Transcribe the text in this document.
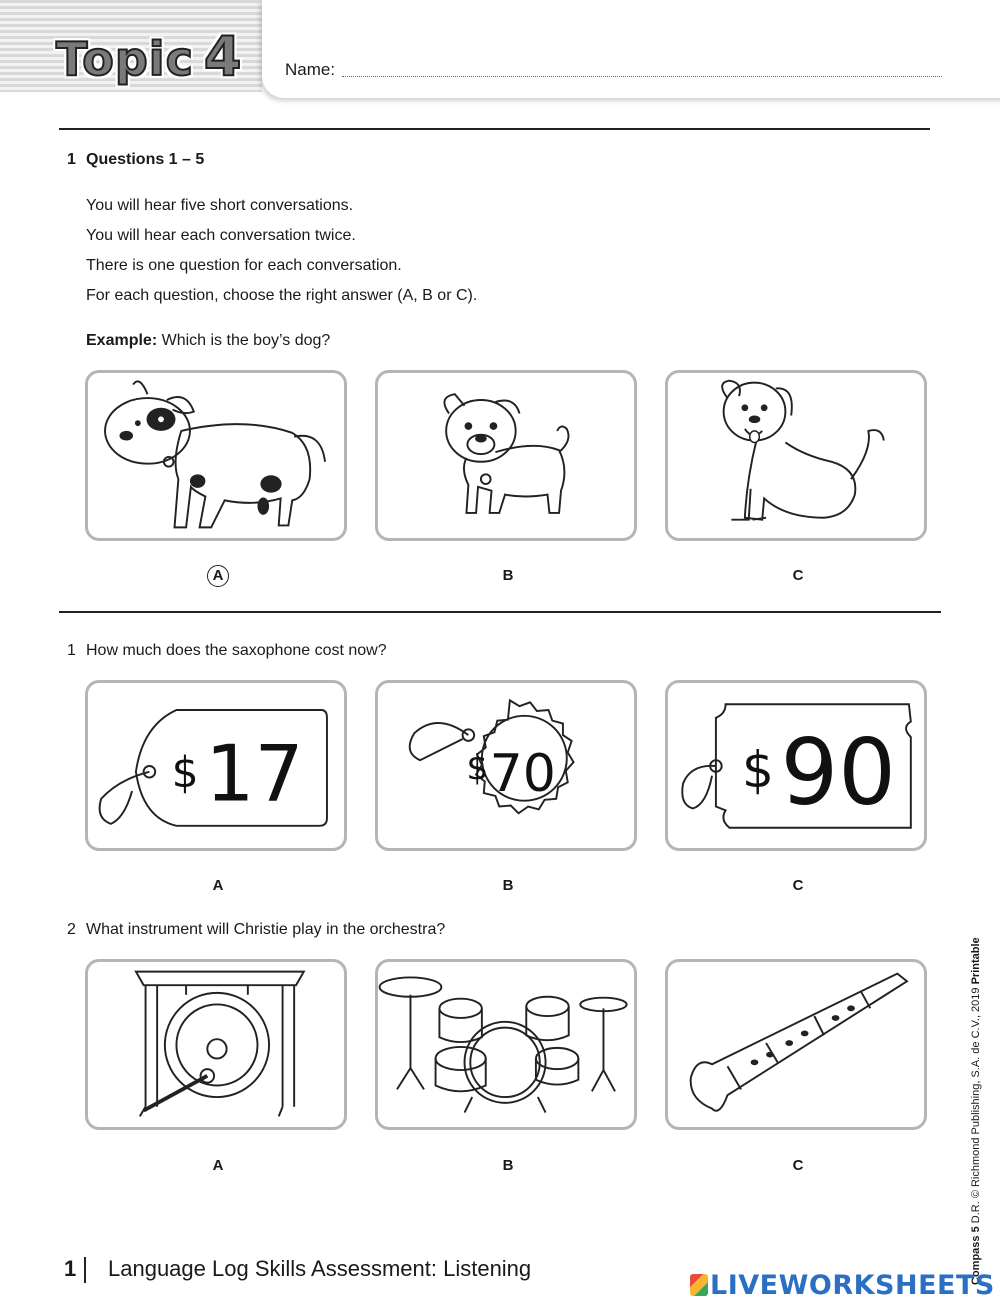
Topic 4	Name:
1 Questions 1 – 5
You will hear five short conversations.
You will hear each conversation twice.
There is one question for each conversation.
For each question, choose the right answer (A, B or C).
Example: Which is the boy’s dog?
A	B	C
1 How much does the saxophone cost now?
$ 17	$ 70	$ 90
A	B	C
2 What instrument will Christie play in the orchestra?
A	B	C
1 Language Log Skills Assessment: Listening	Compass 5 D.R. © Richmond Publishing, S.A. de C.V., 2019 Printable
LIVEWORKSHEETS
